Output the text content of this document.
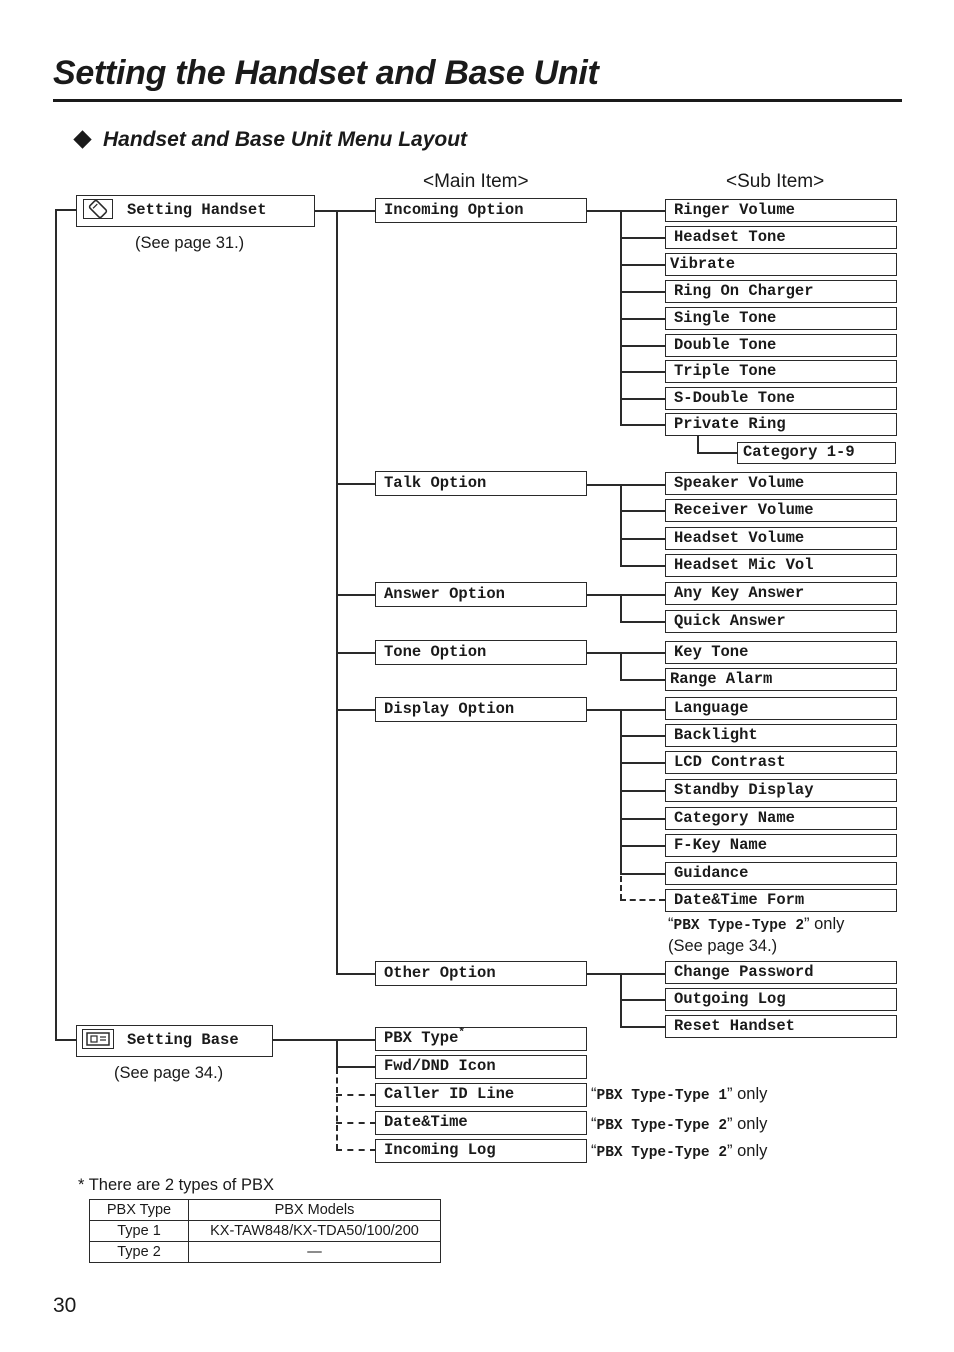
Setting the Handset and Base Unit
Handset and Base Unit Menu Layout
<Main Item>	<Sub Item>
Setting Handset
(See page 31.)
Setting Base
(See page 34.)
Incoming Option
Talk Option
Answer Option
Tone Option
Display Option
Other Option
Ringer Volume
Headset Tone
Vibrate
Ring On Charger
Single Tone
Double Tone
Triple Tone
S-Double Tone
Private Ring
Category 1-9
Speaker Volume
Receiver Volume
Headset Volume
Headset Mic Vol
Any Key Answer
Quick Answer
Key Tone
Range Alarm
Language
Backlight
LCD Contrast
Standby Display
Category Name
F-Key Name
Guidance
Date&Time Form
“PBX Type-Type 2” only
(See page 34.)
Change Password
Outgoing Log
Reset Handset
PBX Type*
Fwd/DND Icon
Caller ID Line
Date&Time
Incoming Log
“PBX Type-Type 1” only
“PBX Type-Type 2” only
“PBX Type-Type 2” only
* There are 2 types of PBX
PBX Type	PBX Models
Type 1	KX-TAW848/KX-TDA50/100/200
Type 2	—
30
